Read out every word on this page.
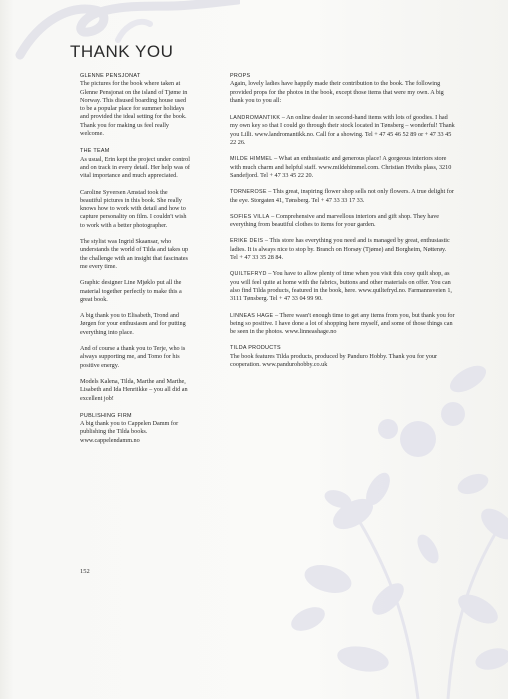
THANK YOU
GLENNE PENSJONAT

The pictures for the book where taken at Glenne Pensjonat on the island of Tjøme in Norway. This disused boarding house used to be a popular place for summer holidays and provided the ideal setting for the book. Thank you for making us feel really welcome.

THE TEAM

As usual, Erin kept the project under control and on track in every detail. Her help was of vital importance and much appreciated.

Caroline Syversen Amstad took the beautiful pictures in this book. She really knows how to work with detail and how to capture personality on film. I couldn't wish to work with a better photographer.

The stylist was Ingrid Skaansar, who understands the world of Tilda and takes up the challenge with an insight that fascinates me every time.

Graphic designer Line Mjøklo put all the material together perfectly to make this a great book.

A big thank you to Elisabeth, Trond and Jørgen for your enthusiasm and for putting everything into place.

And of course a thank you to Terje, who is always supporting me, and Tomo for his positive energy.

Models Kalena, Tilda, Marthe and Marthe, Lisabeth and Ida Henriikke – you all did an excellent job!

PUBLISHING FIRM

A big thank you to Cappelen Damm for publishing the Tilda books. www.cappelendamm.no

PROPS

Again, lovely ladies have happily made their contribution to the book. The following provided props for the photos in the book, except those items that were my own. A big thank you to you all:

LANDROMANTIKK – An online dealer in second-hand items with lots of goodies. I had my own key so that I could go through their stock located in Tønsberg – wonderful! Thank you Lilli. www.landromantikk.no. Call for a showing. Tel + 47 45 46 52 89 or + 47 33 45 22 26.

MILDE HIMMEL – What an enthusiastic and generous place! A gorgeous interiors store with much charm and helpful staff. www.mildehimmel.com. Christian Hvidts plass, 3210 Sandefjord. Tel + 47 33 45 22 20.

TORNEROSE – This great, inspiring flower shop sells not only flowers. A true delight for the eye. Storgaten 41, Tønsberg. Tel + 47 33 33 17 33.

SOFIES VILLA – Comprehensive and marvellous interiors and gift shop. They have everything from beautiful clothes to items for your garden.

ERIKE DEIS – This store has everything you need and is managed by great, enthusiastic ladies. It is always nice to stop by. Branch on Horsøy (Tjøme) and Borgheim, Nøtterøy. Tel + 47 33 35 28 84.

QUILTEFRYD – You have to allow plenty of time when you visit this cosy quilt shop, as you will feel quite at home with the fabrics, buttons and other materials on offer. You can also find Tilda products, featured in the book, here. www.quiltefryd.no. Farmannsveien 1, 3111 Tønsberg. Tel + 47 33 04 99 90.

LINNEAS HAGE – There wasn't enough time to get any items from you, but thank you for being so positive. I have done a lot of shopping here myself, and some of those things can be seen in the photos. www.linneashage.no

TILDA PRODUCTS

The book features Tilda products, produced by Panduro Hobby. Thank you for your cooperation. www.pandurohobby.co.uk

152
